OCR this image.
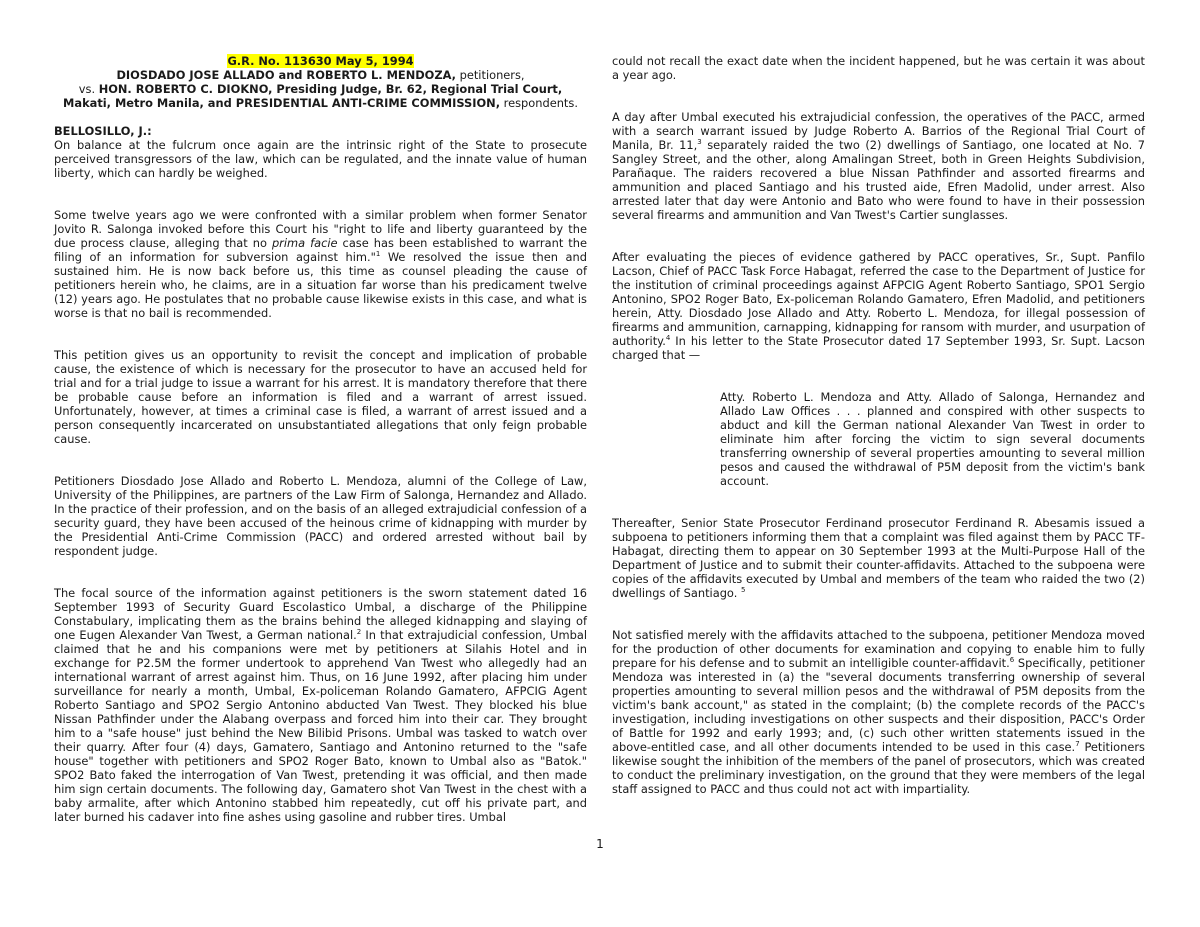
G.R. No. 113630 May 5, 1994
DIOSDADO JOSE ALLADO and ROBERTO L. MENDOZA, petitioners,
vs. HON. ROBERTO C. DIOKNO, Presiding Judge, Br. 62, Regional Trial Court, Makati, Metro Manila, and PRESIDENTIAL ANTI-CRIME COMMISSION, respondents.

BELLOSILLO, J.:

On balance at the fulcrum once again are the intrinsic right of the State to prosecute perceived transgressors of the law, which can be regulated, and the innate value of human liberty, which can hardly be weighed.

Some twelve years ago we were confronted with a similar problem when former Senator Jovito R. Salonga invoked before this Court his "right to life and liberty guaranteed by the due process clause, alleging that no prima facie case has been established to warrant the filing of an information for subversion against him."$^1$ We resolved the issue then and sustained him. He is now back before us, this time as counsel pleading the cause of petitioners herein who, he claims, are in a situation far worse than his predicament twelve (12) years ago. He postulates that no probable cause likewise exists in this case, and what is worse is that no bail is recommended.

This petition gives us an opportunity to revisit the concept and implication of probable cause, the existence of which is necessary for the prosecutor to have an accused held for trial and for a trial judge to issue a warrant for his arrest. It is mandatory therefore that there be probable cause before an information is filed and a warrant of arrest issued. Unfortunately, however, at times a criminal case is filed, a warrant of arrest issued and a person consequently incarcerated on unsubstantiated allegations that only feign probable cause.

Petitioners Diosdado Jose Allado and Roberto L. Mendoza, alumni of the College of Law, University of the Philippines, are partners of the Law Firm of Salonga, Hernandez and Allado. In the practice of their profession, and on the basis of an alleged extrajudicial confession of a security guard, they have been accused of the heinous crime of kidnapping with murder by the Presidential Anti-Crime Commission (PACC) and ordered arrested without bail by respondent judge.

The focal source of the information against petitioners is the sworn statement dated 16 September 1993 of Security Guard Escolastico Umbal, a discharge of the Philippine Constabulary, implicating them as the brains behind the alleged kidnapping and slaying of one Eugen Alexander Van Twest, a German national.$^2$ In that extrajudicial confession, Umbal claimed that he and his companions were met by petitioners at Silahis Hotel and in exchange for P2.5M the former undertook to apprehend Van Twest who allegedly had an international warrant of arrest against him. Thus, on 16 June 1992, after placing him under surveillance for nearly a month, Umbal, Ex-policeman Rolando Gamatero, AFPCIG Agent Roberto Santiago and SPO2 Sergio Antonino abducted Van Twest. They blocked his blue Nissan Pathfinder under the Alabang overpass and forced him into their car. They brought him to a "safe house" just behind the New Bilibid Prisons. Umbal was tasked to watch over their quarry. After four (4) days, Gamatero, Santiago and Antonino returned to the "safe house" together with petitioners and SPO2 Roger Bato, known to Umbal also as "Batok." SPO2 Bato faked the interrogation of Van Twest, pretending it was official, and then made him sign certain documents. The following day, Gamatero shot Van Twest in the chest with a baby armalite, after which Antonino stabbed him repeatedly, cut off his private part, and later burned his cadaver into fine ashes using gasoline and rubber tires. Umbal

could not recall the exact date when the incident happened, but he was certain it was about a year ago.

A day after Umbal executed his extrajudicial confession, the operatives of the PACC, armed with a search warrant issued by Judge Roberto A. Barrios of the Regional Trial Court of Manila, Br. 11,$^3$ separately raided the two (2) dwellings of Santiago, one located at No. 7 Sangley Street, and the other, along Amalingan Street, both in Green Heights Subdivision, Parañaque. The raiders recovered a blue Nissan Pathfinder and assorted firearms and ammunition and placed Santiago and his trusted aide, Efren Madolid, under arrest. Also arrested later that day were Antonio and Bato who were found to have in their possession several firearms and ammunition and Van Twest's Cartier sunglasses.

After evaluating the pieces of evidence gathered by PACC operatives, Sr., Supt. Panfilo Lacson, Chief of PACC Task Force Habagat, referred the case to the Department of Justice for the institution of criminal proceedings against AFPCIG Agent Roberto Santiago, SPO1 Sergio Antonino, SPO2 Roger Bato, Ex-policeman Rolando Gamatero, Efren Madolid, and petitioners herein, Atty. Diosdado Jose Allado and Atty. Roberto L. Mendoza, for illegal possession of firearms and ammunition, carnapping, kidnapping for ransom with murder, and usurpation of authority.$^4$ In his letter to the State Prosecutor dated 17 September 1993, Sr. Supt. Lacson charged that —

Atty. Roberto L. Mendoza and Atty. Allado of Salonga, Hernandez and Allado Law Offices . . . planned and conspired with other suspects to abduct and kill the German national Alexander Van Twest in order to eliminate him after forcing the victim to sign several documents transferring ownership of several properties amounting to several million pesos and caused the withdrawal of P5M deposit from the victim's bank account.

Thereafter, Senior State Prosecutor Ferdinand prosecutor Ferdinand R. Abesamis issued a subpoena to petitioners informing them that a complaint was filed against them by PACC TF-Habagat, directing them to appear on 30 September 1993 at the Multi-Purpose Hall of the Department of Justice and to submit their counter-affidavits. Attached to the subpoena were copies of the affidavits executed by Umbal and members of the team who raided the two (2) dwellings of Santiago. $^5$

Not satisfied merely with the affidavits attached to the subpoena, petitioner Mendoza moved for the production of other documents for examination and copying to enable him to fully prepare for his defense and to submit an intelligible counter-affidavit.$^6$ Specifically, petitioner Mendoza was interested in (a) the "several documents transferring ownership of several properties amounting to several million pesos and the withdrawal of P5M deposits from the victim's bank account," as stated in the complaint; (b) the complete records of the PACC's investigation, including investigations on other suspects and their disposition, PACC's Order of Battle for 1992 and early 1993; and, (c) such other written statements issued in the above-entitled case, and all other documents intended to be used in this case.$^7$ Petitioners likewise sought the inhibition of the members of the panel of prosecutors, which was created to conduct the preliminary investigation, on the ground that they were members of the legal staff assigned to PACC and thus could not act with impartiality.

1
